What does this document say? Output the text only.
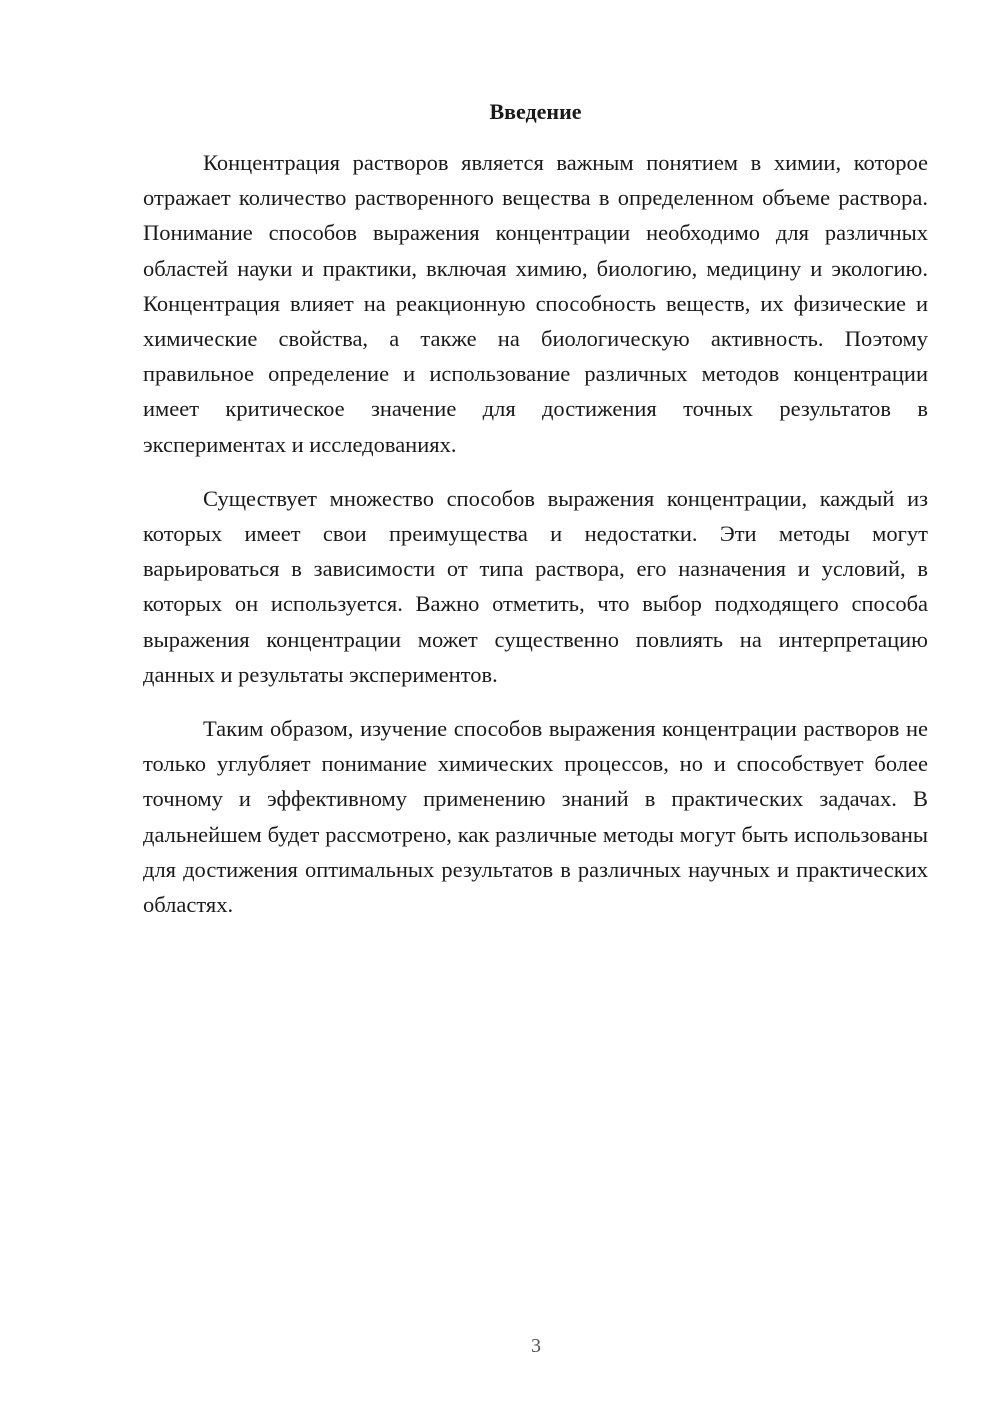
Введение

Концентрация растворов является важным понятием в химии, которое отражает количество растворенного вещества в определенном объеме раствора. Понимание способов выражения концентрации необходимо для различных областей науки и практики, включая химию, биологию, медицину и экологию. Концентрация влияет на реакционную способность веществ, их физические и химические свойства, а также на биологическую активность. Поэтому правильное определение и использование различных методов концентрации имеет критическое значение для достижения точных результатов в экспериментах и исследованиях.

Существует множество способов выражения концентрации, каждый из которых имеет свои преимущества и недостатки. Эти методы могут варьироваться в зависимости от типа раствора, его назначения и условий, в которых он используется. Важно отметить, что выбор подходящего способа выражения концентрации может существенно повлиять на интерпретацию данных и результаты экспериментов.

Таким образом, изучение способов выражения концентрации растворов не только углубляет понимание химических процессов, но и способствует более точному и эффективному применению знаний в практических задачах. В дальнейшем будет рассмотрено, как различные методы могут быть использованы для достижения оптимальных результатов в различных научных и практических областях.

3
